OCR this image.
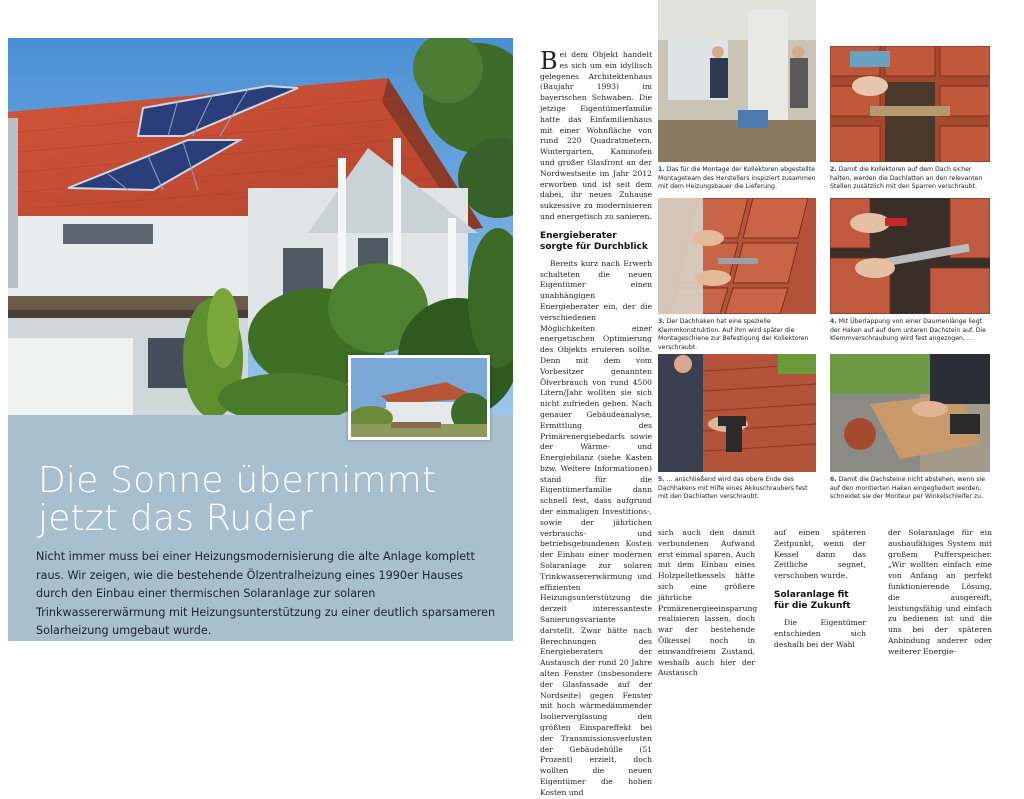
Die Sonne übernimmt
jetzt das Ruder

Nicht immer muss bei einer Heizungsmodernisierung die alte Anlage komplett raus. Wir zeigen, wie die bestehende Ölzentralheizung eines 1990er Hauses durch den Einbau einer thermischen Solaranlage zur solaren Trinkwassererwärmung mit Heizungsunterstützung zu einer deutlich sparsameren Solarheizung umgebaut wurde.

Bei dem Objekt handelt es sich um ein idyllisch gelegenes Architektenhaus (Baujahr 1993) im bayerischen Schwaben. Die jetzige Eigentümerfamilie hatte das Einfamilienhaus mit einer Wohnfläche von rund 220 Quadratmetern, Wintergarten, Kaminofen und großer Glasfront an der Nordwestseite im Jahr 2012 erworben und ist seit dem dabei, ihr neues Zuhause sukzessive zu modernisieren und energetisch zu sanieren.

Energieberater sorgte für Durchblick

Bereits kurz nach Erwerb schalteten die neuen Eigentümer einen unabhängigen Energieberater ein, der die verschiedenen Möglichkeiten einer energetischen Optimierung des Objekts eruieren sollte. Denn mit dem vom Vorbesitzer genannten Ölverbrauch von rund 4500 Litern/Jahr wollten sie sich nicht zufrieden geben. Nach genauer Gebäudeanalyse, Ermittlung des Primärenergiebedarfs sowie der Wärme- und Energiebilanz (siehe Kasten bzw. Weitere Informationen) stand für die Eigentümerfamilie dann schnell fest, dass aufgrund der einmaligen Investitions-, sowie der jährlichen verbrauchs- und betriebsgebundenen Kosten der Einbau einer modernen Solaranlage zur solaren Trinkwassererwärmung und effizienten Heizungsunterstützung die derzeit interessanteste Sanierungsvariante darstellt. Zwar hätte nach Berechnungen des Energieberaters der Austausch der rund 20 Jahre alten Fenster (insbesondere der Glasfassade auf der Nordseite) gegen Fenster mit hoch wärmedämmender Isolierverglasung den größten Einspareffekt bei der Transmissionsverlusten der Gebäudehülle (51 Prozent) erzielt, doch wollten die neuen Eigentümer die hohen Kosten und

sich auch den damit verbundenen Aufwand erst einmal sparen. Auch mit dem Einbau eines Holzpelletkessels hätte sich eine größere jährliche Primärenergieeinsparung realisieren lassen, doch war der bestehende Ölkessel noch in einwandfreiem Zustand, weshalb auch hier der Austausch

auf einen späteren Zeitpunkt, wenn der Kessel dann das Zeitliche segnet, verschoben wurde.

Solaranlage fit für die Zukunft

Die Eigentümer entschieden sich deshalb bei der Wahl

der Solaranlage für ein ausbaufähiges System mit großem Pufferspeicher. „Wir wollten einfach eine von Anfang an perfekt funktionierende Lösung, die ausgereift, leistungsfähig und einfach zu bedienen ist und die uns bei der späteren Anbindung anderer oder weiterer Energie-

1. Das für die Montage der Kollektoren abgestellte Montageteam des Herstellers inspiziert zusammen mit dem Heizungsbauer die Lieferung.
2. Damit die Kollektoren auf dem Dach sicher halten, werden die Dachlatten an den relevanten Stellen zusätzlich mit den Sparren verschraubt.
3. Der Dachhaken hat eine spezielle Klemmkonstruktion. Auf ihm wird später die Montageschiene zur Befestigung der Kollektoren verschraubt.
4. Mit Überlappung von einer Daumenlänge liegt der Haken auf auf dem unteren Dachstein auf. Die Klemmverschraubung wird fest angezogen, …
5. … anschließend wird das obere Ende des Dachhakens mit Hilfe eines Akkuschraubers fest mit den Dachlatten verschraubt.
6. Damit die Dachsteine nicht abstehen, wenn sie auf den montierten Haken eingegliedert werden, schneidet sie der Monteur per Winkelschleifer zu.
